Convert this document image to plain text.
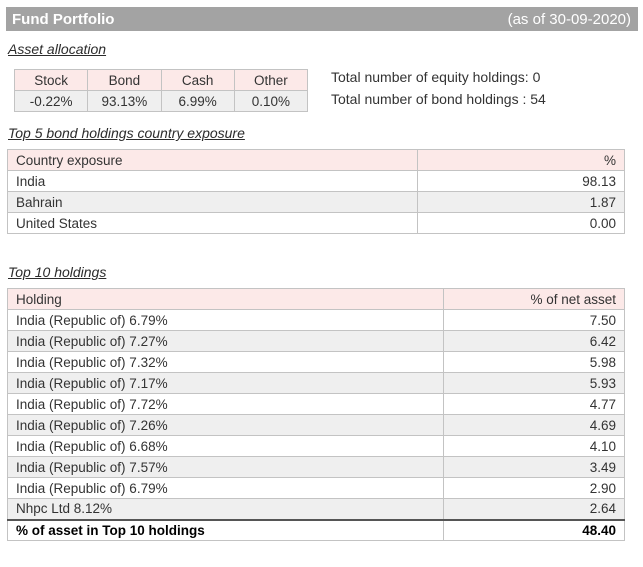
Fund Portfolio	(as of 30-09-2020)
Asset allocation
Stock	Bond	Cash	Other
-0.22%	93.13%	6.99%	0.10%
Total number of equity holdings: 0
Total number of bond holdings : 54
Top 5 bond holdings country exposure
Country exposure	%
India	98.13
Bahrain	1.87
United States	0.00
Top 10 holdings
Holding	% of net asset
India (Republic of) 6.79%	7.50
India (Republic of) 7.27%	6.42
India (Republic of) 7.32%	5.98
India (Republic of) 7.17%	5.93
India (Republic of) 7.72%	4.77
India (Republic of) 7.26%	4.69
India (Republic of) 6.68%	4.10
India (Republic of) 7.57%	3.49
India (Republic of) 6.79%	2.90
Nhpc Ltd 8.12%	2.64
% of asset in Top 10 holdings	48.40
